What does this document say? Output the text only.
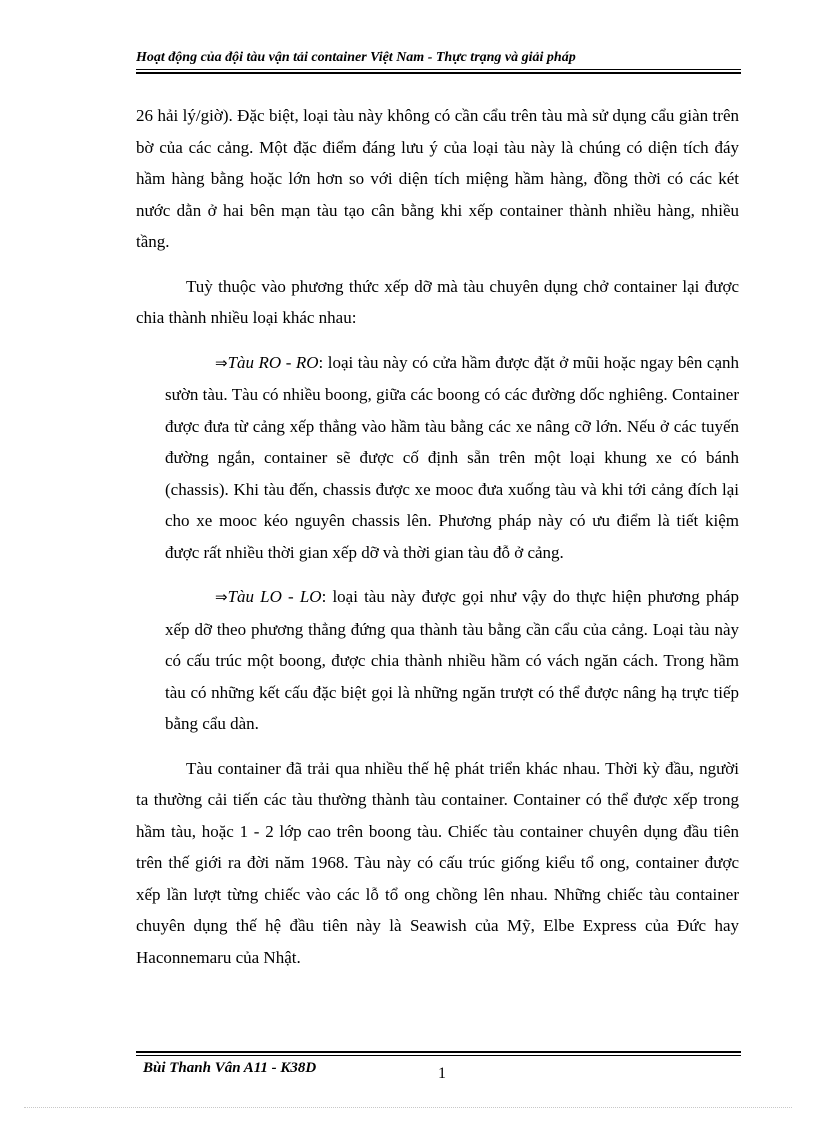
Hoạt động của đội tàu vận tải container Việt Nam - Thực trạng và giải pháp

26 hải lý/giờ). Đặc biệt, loại tàu này không có cần cẩu trên tàu mà sử dụng cẩu giàn trên bờ của các cảng. Một đặc điểm đáng lưu ý của loại tàu này là chúng có diện tích đáy hầm hàng bằng hoặc lớn hơn so với diện tích miệng hầm hàng, đồng thời có các két nước dằn ở hai bên mạn tàu tạo cân bằng khi xếp container thành nhiều hàng, nhiều tầng.

Tuỳ thuộc vào phương thức xếp dỡ mà tàu chuyên dụng chở container lại được chia thành nhiều loại khác nhau:

⇒Tàu RO - RO: loại tàu này có cửa hầm được đặt ở mũi hoặc ngay bên cạnh sườn tàu. Tàu có nhiều boong, giữa các boong có các đường dốc nghiêng. Container được đưa từ cảng xếp thẳng vào hầm tàu bằng các xe nâng cỡ lớn. Nếu ở các tuyến đường ngắn, container sẽ được cố định sẵn trên một loại khung xe có bánh (chassis). Khi tàu đến, chassis được xe mooc đưa xuống tàu và khi tới cảng đích lại cho xe mooc kéo nguyên chassis lên. Phương pháp này có ưu điểm là tiết kiệm được rất nhiều thời gian xếp dỡ và thời gian tàu đỗ ở cảng.

⇒Tàu LO - LO: loại tàu này được gọi như vậy do thực hiện phương pháp xếp dỡ theo phương thẳng đứng qua thành tàu bằng cần cẩu của cảng. Loại tàu này có cấu trúc một boong, được chia thành nhiều hầm có vách ngăn cách. Trong hầm tàu có những kết cấu đặc biệt gọi là những ngăn trượt có thể được nâng hạ trực tiếp bằng cẩu dàn.

Tàu container đã trải qua nhiều thế hệ phát triển khác nhau. Thời kỳ đầu, người ta thường cải tiến các tàu thường thành tàu container. Container có thể được xếp trong hầm tàu, hoặc 1 - 2 lớp cao trên boong tàu. Chiếc tàu container chuyên dụng đầu tiên trên thế giới ra đời năm 1968. Tàu này có cấu trúc giống kiểu tổ ong, container được xếp lần lượt từng chiếc vào các lỗ tổ ong chồng lên nhau. Những chiếc tàu container chuyên dụng thế hệ đầu tiên này là Seawish của Mỹ, Elbe Express của Đức hay Haconnemaru của Nhật.

Bùi Thanh Vân A11 - K38D	1
